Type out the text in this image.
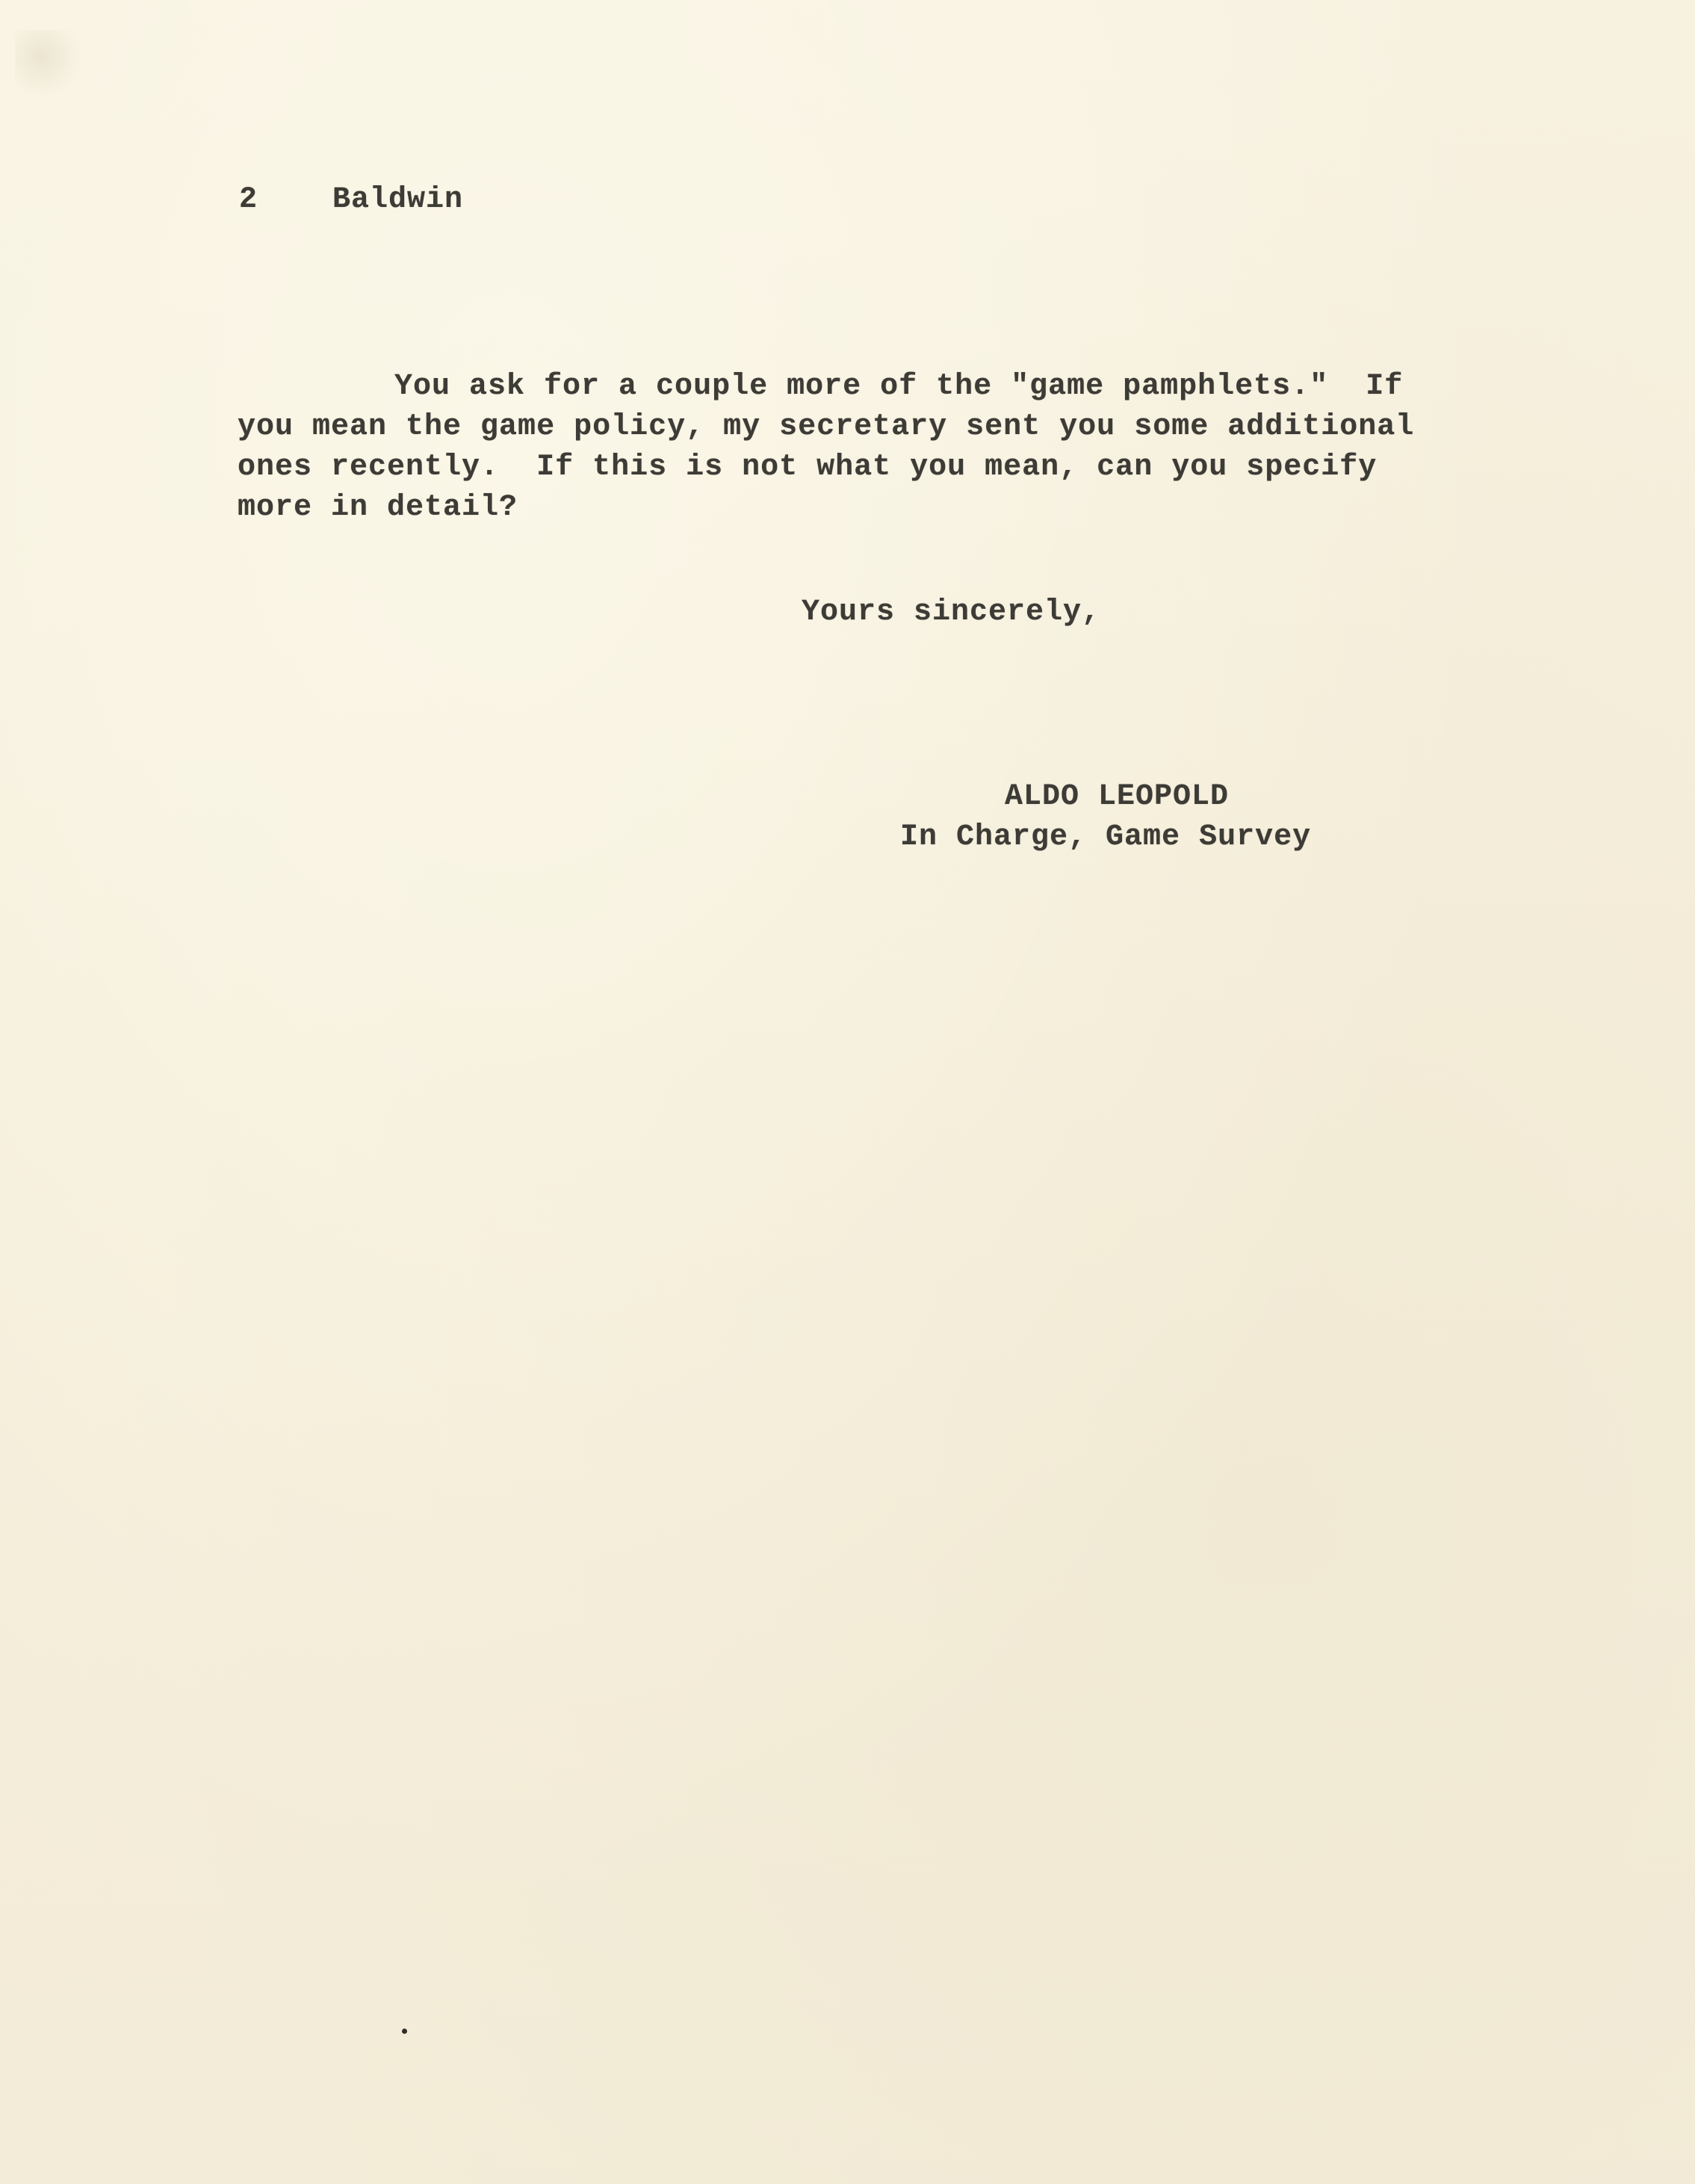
2 Baldwin
You ask for a couple more of the "game pamphlets."  If
you mean the game policy, my secretary sent you some additional
ones recently.  If this is not what you mean, can you specify
more in detail?
Yours sincerely,
ALDO LEOPOLD
In Charge, Game Survey
